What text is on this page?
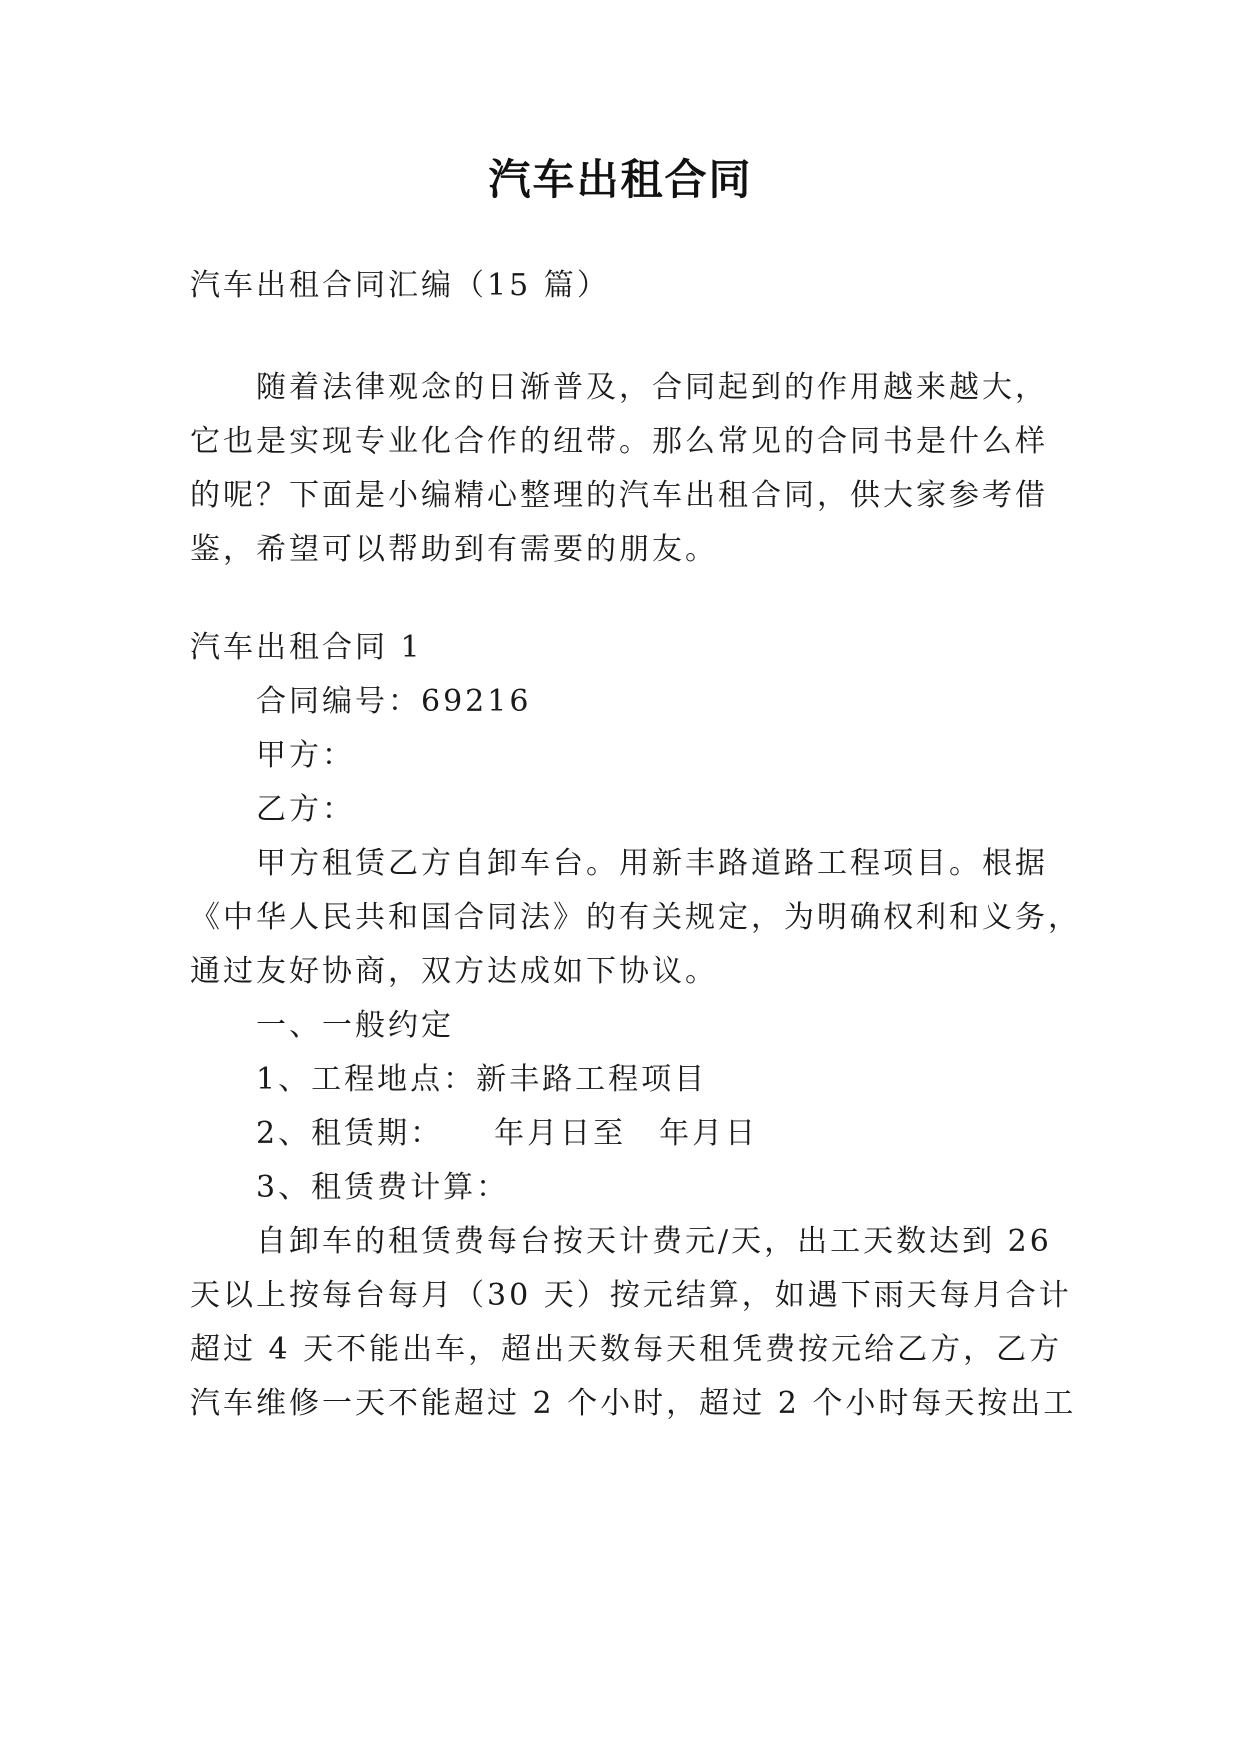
汽车出租合同
汽车出租合同汇编（15 篇）
随着法律观念的日渐普及，合同起到的作用越来越大，
它也是实现专业化合作的纽带。那么常见的合同书是什么样
的呢？下面是小编精心整理的汽车出租合同，供大家参考借
鉴，希望可以帮助到有需要的朋友。
汽车出租合同 1
合同编号：69216
甲方：
乙方：
甲方租赁乙方自卸车台。用新丰路道路工程项目。根据
《中华人民共和国合同法》的有关规定，为明确权利和义务，
通过友好协商，双方达成如下协议。
一、一般约定
1、工程地点：新丰路工程项目
2、租赁期：　　年月日至　年月日
3、租赁费计算：
自卸车的租赁费每台按天计费元/天，出工天数达到 26
天以上按每台每月（30 天）按元结算，如遇下雨天每月合计
超过 4 天不能出车，超出天数每天租凭费按元给乙方，乙方
汽车维修一天不能超过 2 个小时，超过 2 个小时每天按出工
